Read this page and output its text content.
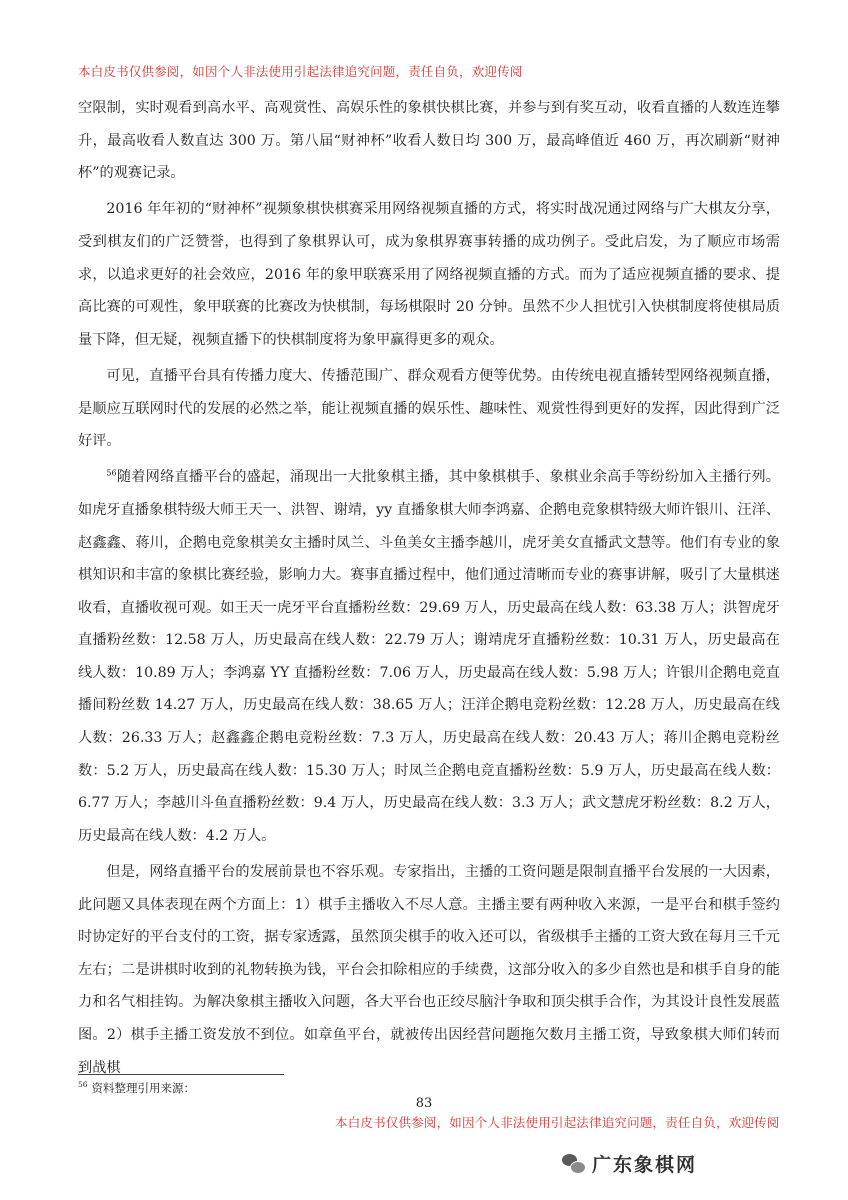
本白皮书仅供参阅，如因个人非法使用引起法律追究问题，责任自负，欢迎传阅

空限制，实时观看到高水平、高观赏性、高娱乐性的象棋快棋比赛，并参与到有奖互动，收看直播的人数连连攀升，最高收看人数直达 300 万。第八届“财神杯”收看人数日均 300 万，最高峰值近 460 万，再次刷新“财神杯”的观赛记录。

2016 年年初的“财神杯”视频象棋快棋赛采用网络视频直播的方式，将实时战况通过网络与广大棋友分享，受到棋友们的广泛赞誉，也得到了象棋界认可，成为象棋界赛事转播的成功例子。受此启发，为了顺应市场需求，以追求更好的社会效应，2016 年的象甲联赛采用了网络视频直播的方式。而为了适应视频直播的要求、提高比赛的可观性，象甲联赛的比赛改为快棋制，每场棋限时 20 分钟。虽然不少人担忧引入快棋制度将使棋局质量下降，但无疑，视频直播下的快棋制度将为象甲赢得更多的观众。

可见，直播平台具有传播力度大、传播范围广、群众观看方便等优势。由传统电视直播转型网络视频直播，是顺应互联网时代的发展的必然之举，能让视频直播的娱乐性、趣味性、观赏性得到更好的发挥，因此得到广泛好评。

$^{56}$随着网络直播平台的盛起，涌现出一大批象棋主播，其中象棋棋手、象棋业余高手等纷纷加入主播行列。如虎牙直播象棋特级大师王天一、洪智、谢靖，yy 直播象棋大师李鸿嘉、企鹅电竞象棋特级大师许银川、汪洋、赵鑫鑫、蒋川，企鹅电竞象棋美女主播时凤兰、斗鱼美女主播李越川，虎牙美女直播武文慧等。他们有专业的象棋知识和丰富的象棋比赛经验，影响力大。赛事直播过程中，他们通过清晰而专业的赛事讲解，吸引了大量棋迷收看，直播收视可观。如王天一虎牙平台直播粉丝数：29.69 万人，历史最高在线人数：63.38 万人；洪智虎牙直播粉丝数：12.58 万人，历史最高在线人数：22.79 万人；谢靖虎牙直播粉丝数：10.31 万人，历史最高在线人数：10.89 万人；李鸿嘉 YY 直播粉丝数：7.06 万人，历史最高在线人数：5.98 万人；许银川企鹅电竞直播间粉丝数 14.27 万人，历史最高在线人数：38.65 万人；汪洋企鹅电竞粉丝数：12.28 万人，历史最高在线人数：26.33 万人；赵鑫鑫企鹅电竞粉丝数：7.3 万人，历史最高在线人数：20.43 万人；蒋川企鹅电竞粉丝数：5.2 万人，历史最高在线人数：15.30 万人；时凤兰企鹅电竞直播粉丝数：5.9 万人，历史最高在线人数：6.77 万人；李越川斗鱼直播粉丝数：9.4 万人，历史最高在线人数：3.3 万人；武文慧虎牙粉丝数：8.2 万人，历史最高在线人数：4.2 万人。

但是，网络直播平台的发展前景也不容乐观。专家指出，主播的工资问题是限制直播平台发展的一大因素，此问题又具体表现在两个方面上：1）棋手主播收入不尽人意。主播主要有两种收入来源，一是平台和棋手签约时协定好的平台支付的工资，据专家透露，虽然顶尖棋手的收入还可以，省级棋手主播的工资大致在每月三千元左右；二是讲棋时收到的礼物转换为钱，平台会扣除相应的手续费，这部分收入的多少自然也是和棋手自身的能力和名气相挂钩。为解决象棋主播收入问题，各大平台也正绞尽脑汁争取和顶尖棋手合作，为其设计良性发展蓝图。2）棋手主播工资发放不到位。如章鱼平台，就被传出因经营问题拖欠数月主播工资，导致象棋大师们转而到战棋

$^{56}$ 资料整理引用来源：
83
本白皮书仅供参阅，如因个人非法使用引起法律追究问题，责任自负，欢迎传阅
广东象棋网
